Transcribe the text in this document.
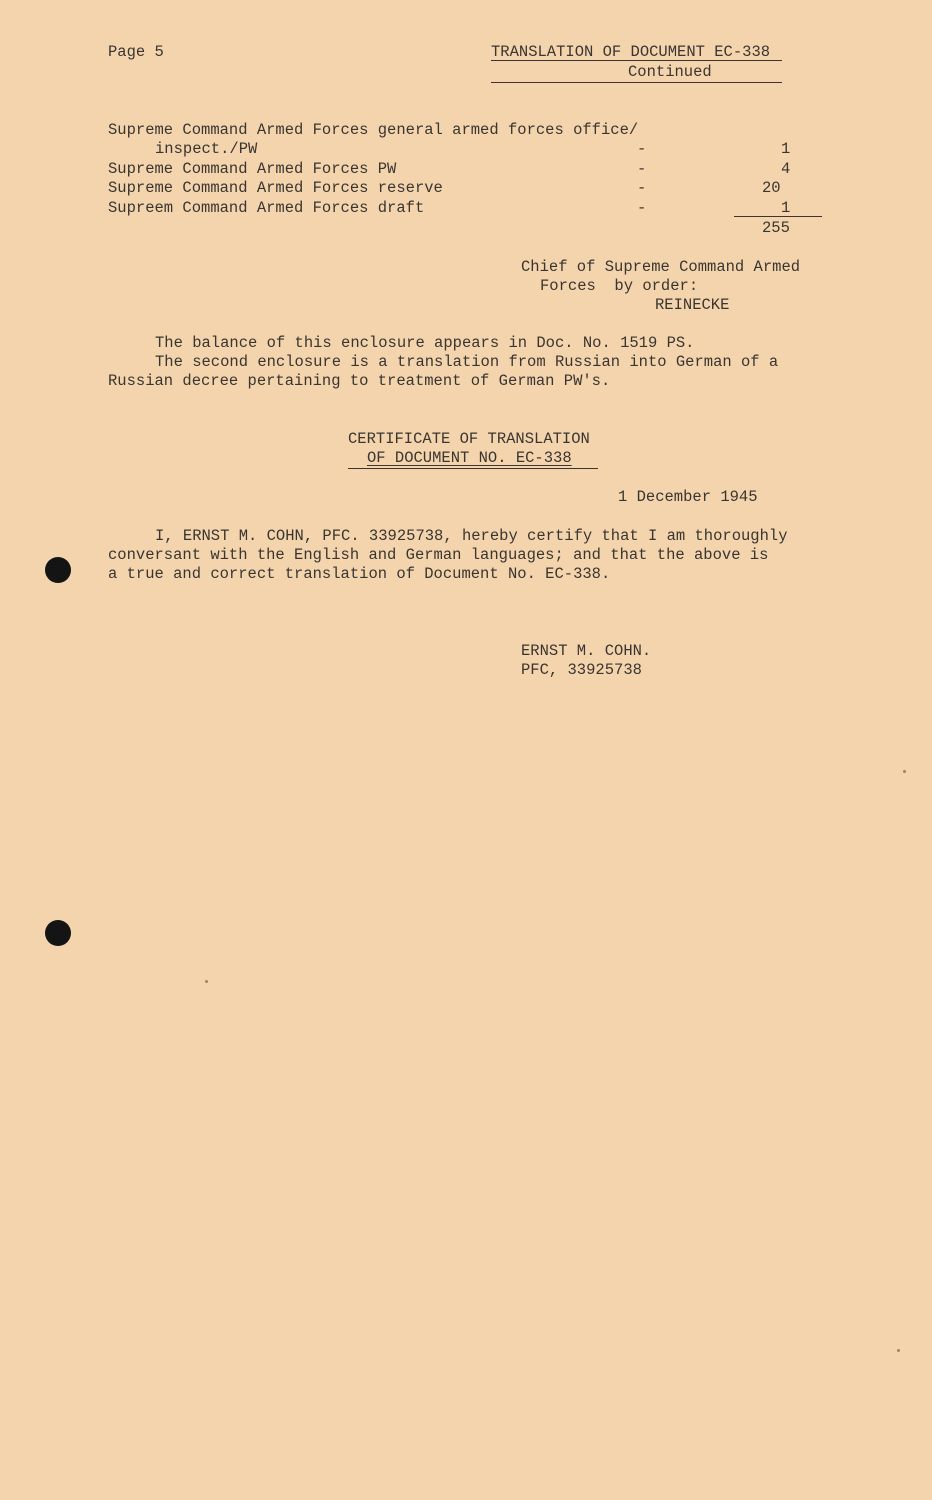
Page 5	TRANSLATION OF DOCUMENT EC-338
Continued
Supreme Command Armed Forces general armed forces office/
inspect./PW	-	1
Supreme Command Armed Forces PW	-	4
Supreme Command Armed Forces reserve	-	20
Supreem Command Armed Forces draft	-	1
255
Chief of Supreme Command Armed
Forces  by order:
REINECKE
The balance of this enclosure appears in Doc. No. 1519 PS.
The second enclosure is a translation from Russian into German of a
Russian decree pertaining to treatment of German PW's.
CERTIFICATE OF TRANSLATION
OF DOCUMENT NO. EC-338
1 December 1945
I, ERNST M. COHN, PFC. 33925738, hereby certify that I am thoroughly
conversant with the English and German languages; and that the above is
a true and correct translation of Document No. EC-338.
ERNST M. COHN.
PFC, 33925738
